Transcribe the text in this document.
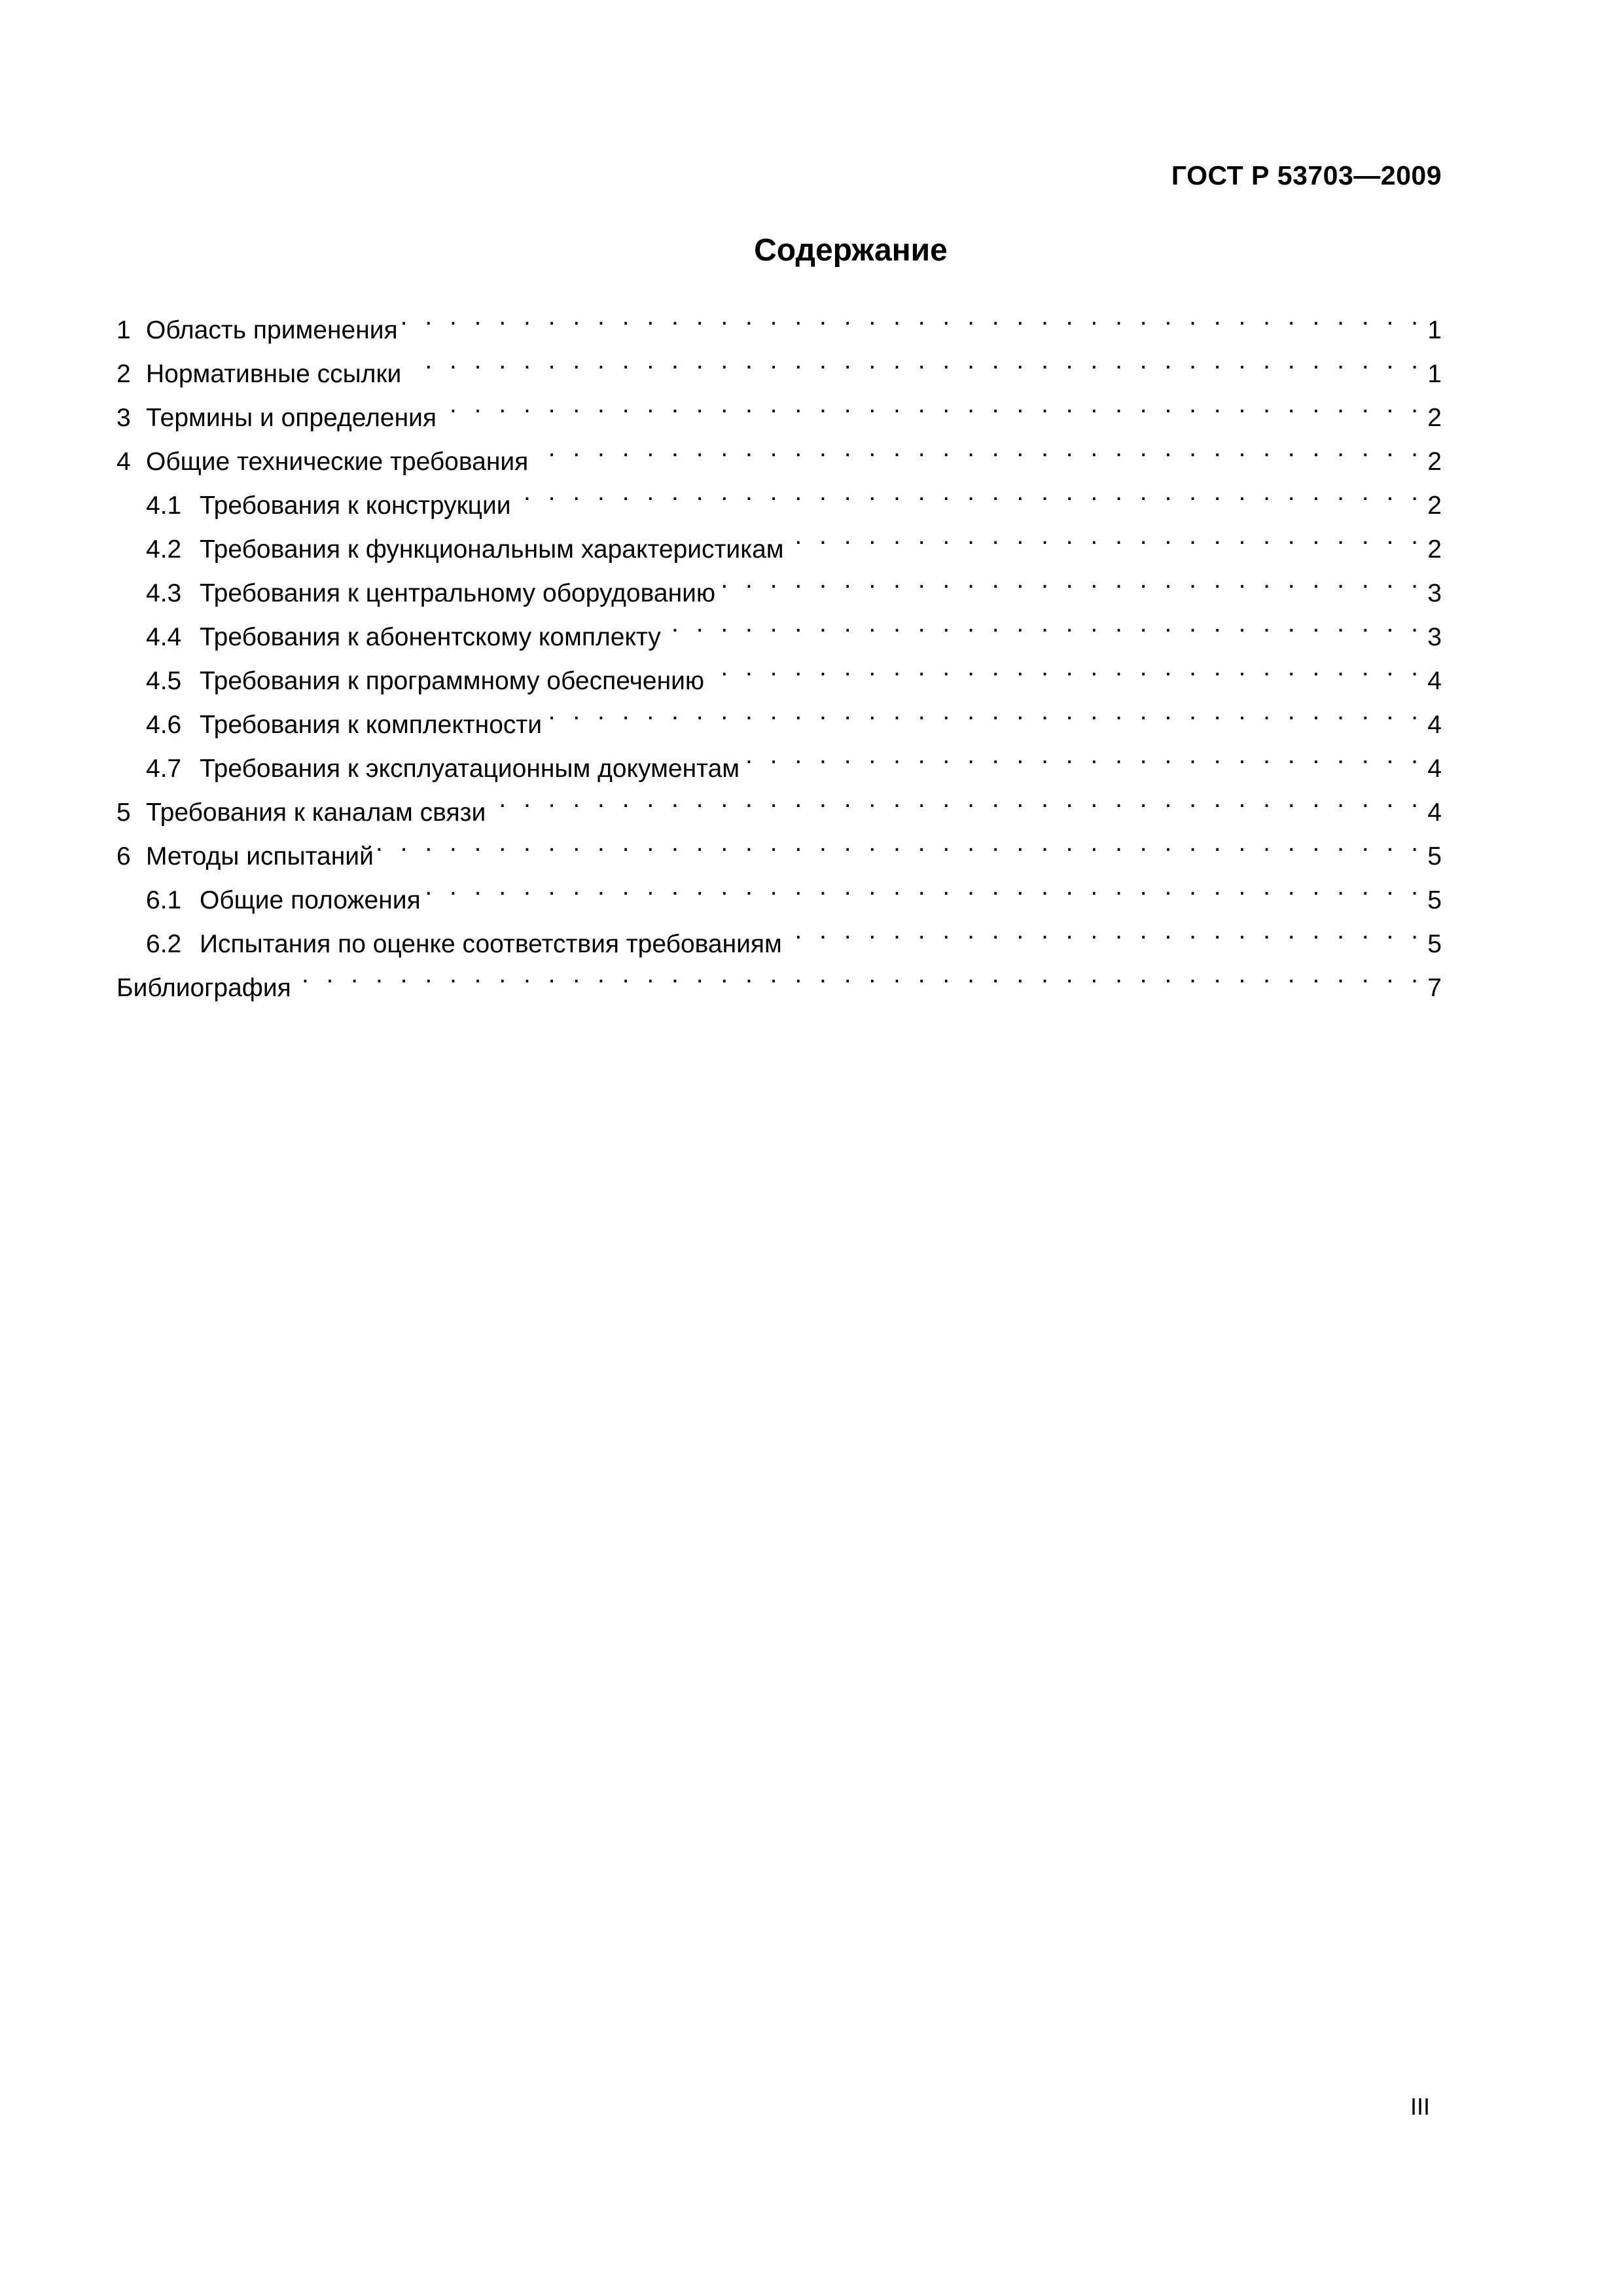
ГОСТ Р 53703—2009
Содержание
1 Область применения . . .	1
2 Нормативные ссылки . . .	1
3 Термины и определения . . .	2
4 Общие технические требования . . .	2
4.1 Требования к конструкции . . .	2
4.2 Требования к функциональным характеристикам . . .	2
4.3 Требования к центральному оборудованию . . .	3
4.4 Требования к абонентскому комплекту . . .	3
4.5 Требования к программному обеспечению . . .	4
4.6 Требования к комплектности . . .	4
4.7 Требования к эксплуатационным документам . . .	4
5 Требования к каналам связи . . .	4
6 Методы испытаний . . .	5
6.1 Общие положения . . .	5
6.2 Испытания по оценке соответствия требованиям . . .	5
Библиография . . .	7
III
